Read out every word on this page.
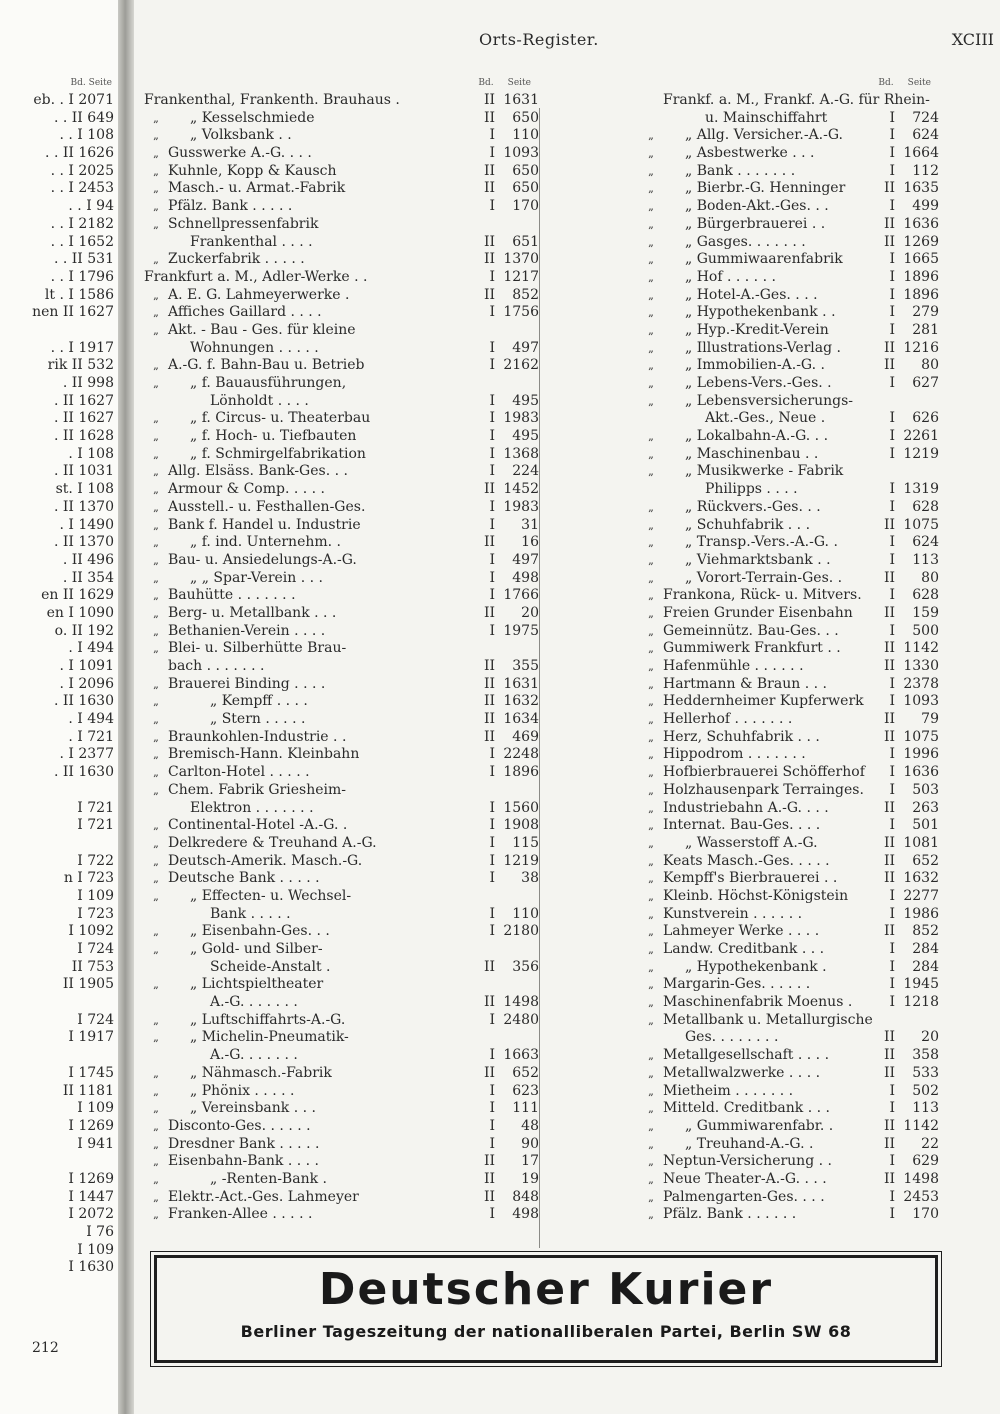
Bd. Seite
eb. . I 2071
. . II 649
. . I 108
. . II 1626
. . I 2025
. . I 2453
. . I 94
. . I 2182
. . I 1652
. . II 531
. . I 1796
lt . I 1586
nen II 1627
. . I 1917
rik II 532
. II 998
. II 1627
. II 1627
. II 1628
. I 108
. II 1031
st. I 108
. II 1370
. I 1490
. II 1370
. II 496
. II 354
en II 1629
en I 1090
o. II 192
. I 494
. I 1091
. I 2096
. II 1630
. I 494
. I 721
. I 2377
. II 1630
I 721
I 721
I 722
n I 723
I 109
I 723
I 1092
I 724
II 753
II 1905
I 724
I 1917
I 1745
II 1181
I 109
I 1269
I 941
I 1269
I 1447
I 2072
I 76
I 109
I 1630
212
Orts-Register.	XCIII
Bd. Seite
Frankenthal, Frankenth. Brauhaus .	II 1631
„	„ Kesselschmiede	II	650
„	„ Volksbank . .	I	110
„ Gusswerke A.-G. . . .	I 1093
„ Kuhnle, Kopp & Kausch	II	650
„ Masch.- u. Armat.-Fabrik	II	650
„ Pfälz. Bank . . . . .	I	170
„ Schnellpressenfabrik
Frankenthal . . . .	II	651
„ Zuckerfabrik . . . . .	II 1370
Frankfurt a. M., Adler-Werke . .	I 1217
„ A. E. G. Lahmeyerwerke .	II	852
„ Affiches Gaillard . . . .	I 1756
„ Akt. - Bau - Ges. für kleine
Wohnungen . . . . .	I	497
„ A.-G. f. Bahn-Bau u. Betrieb	I 2162
„	„ f. Bauausführungen,
Lönholdt . . . .	I	495
„	„ f. Circus- u. Theaterbau	I 1983
„	„ f. Hoch- u. Tiefbauten	I	495
„	„ f. Schmirgelfabrikation	I 1368
„ Allg. Elsäss. Bank-Ges. . .	I	224
„ Armour & Comp. . . . .	II 1452
„ Ausstell.- u. Festhallen-Ges.	I 1983
„ Bank f. Handel u. Industrie	I	31
„	„ f. ind. Unternehm. .	II	16
„ Bau- u. Ansiedelungs-A.-G.	I	497
„	„ „ Spar-Verein . . .	I	498
„ Bauhütte . . . . . . .	I 1766
„ Berg- u. Metallbank . . .	II	20
„ Bethanien-Verein . . . .	I 1975
„ Blei- u. Silberhütte Brau-
bach . . . . . . .	II	355
„ Brauerei Binding . . . .	II 1631
„	„ Kempff . . . .	II 1632
„	„ Stern . . . . .	II 1634
„ Braunkohlen-Industrie . .	II	469
„ Bremisch-Hann. Kleinbahn	I 2248
„ Carlton-Hotel . . . . .	I 1896
„ Chem. Fabrik Griesheim-
Elektron . . . . . . .	I 1560
„ Continental-Hotel -A.-G. .	I 1908
„ Delkredere & Treuhand A.-G.	I	115
„ Deutsch-Amerik. Masch.-G.	I 1219
„ Deutsche Bank . . . . .	I	38
„	„ Effecten- u. Wechsel-
Bank . . . . .	I	110
„	„ Eisenbahn-Ges. . .	I 2180
„	„ Gold- und Silber-
Scheide-Anstalt .	II	356
„	„ Lichtspieltheater
A.-G. . . . . . .	II 1498
„	„ Luftschiffahrts-A.-G.	I 2480
„	„ Michelin-Pneumatik-
A.-G. . . . . . .	I 1663
„	„ Nähmasch.-Fabrik	II	652
„	„ Phönix . . . . .	I	623
„	„ Vereinsbank . . .	I	111
„ Disconto-Ges. . . . . .	I	48
„ Dresdner Bank . . . . .	I	90
„ Eisenbahn-Bank . . . .	II	17
„	„ -Renten-Bank .	II	19
„ Elektr.-Act.-Ges. Lahmeyer	II	848
„ Franken-Allee . . . . .	I	498
Bd. Seite
Frankf. a. M., Frankf. A.-G. für Rhein-
u. Mainschiffahrt	I	724
„	„ Allg. Versicher.-A.-G.	I	624
„	„ Asbestwerke . . .	I 1664
„	„ Bank . . . . . . .	I	112
„	„ Bierbr.-G. Henninger	II 1635
„	„ Boden-Akt.-Ges. . .	I	499
„	„ Bürgerbrauerei . .	II 1636
„	„ Gasges. . . . . . .	II 1269
„	„ Gummiwaarenfabrik	I 1665
„	„ Hof . . . . . .	I 1896
„	„ Hotel-A.-Ges. . . .	I 1896
„	„ Hypothekenbank . .	I	279
„	„ Hyp.-Kredit-Verein	I	281
„	„ Illustrations-Verlag .	II 1216
„	„ Immobilien-A.-G. .	II	80
„	„ Lebens-Vers.-Ges. .	I	627
„	„ Lebensversicherungs-
Akt.-Ges., Neue .	I	626
„	„ Lokalbahn-A.-G. . .	I 2261
„	„ Maschinenbau . .	I 1219
„	„ Musikwerke - Fabrik
Philipps . . . .	I 1319
„	„ Rückvers.-Ges. . .	I	628
„	„ Schuhfabrik . . .	II 1075
„	„ Transp.-Vers.-A.-G. .	I	624
„	„ Viehmarktsbank . .	I	113
„	„ Vorort-Terrain-Ges. .	II	80
„ Frankona, Rück- u. Mitvers.	I	628
„ Freien Grunder Eisenbahn	II	159
„ Gemeinnütz. Bau-Ges. . .	I	500
„ Gummiwerk Frankfurt . .	II 1142
„ Hafenmühle . . . . . .	II 1330
„ Hartmann & Braun . . .	I 2378
„ Heddernheimer Kupferwerk	I 1093
„ Hellerhof . . . . . . .	II	79
„ Herz, Schuhfabrik . . .	II 1075
„ Hippodrom . . . . . . .	I 1996
„ Hofbierbrauerei Schöfferhof	I 1636
„ Holzhausenpark Terrainges.	I	503
„ Industriebahn A.-G. . . .	II	263
„ Internat. Bau-Ges. . . .	I	501
„	„ Wasserstoff A.-G.	II 1081
„ Keats Masch.-Ges. . . . .	II	652
„ Kempff's Bierbrauerei . .	II 1632
„ Kleinb. Höchst-Königstein	I 2277
„ Kunstverein . . . . . .	I 1986
„ Lahmeyer Werke . . . .	II	852
„ Landw. Creditbank . . .	I	284
„	„ Hypothekenbank .	I	284
„ Margarin-Ges. . . . . .	I 1945
„ Maschinenfabrik Moenus .	I 1218
„ Metallbank u. Metallurgische
Ges. . . . . . . .	II	20
„ Metallgesellschaft . . . .	II	358
„ Metallwalzwerke . . . .	II	533
„ Mietheim . . . . . . .	I	502
„ Mitteld. Creditbank . . .	I	113
„	„ Gummiwarenfabr. .	II 1142
„	„ Treuhand-A.-G. .	II	22
„ Neptun-Versicherung . .	I	629
„ Neue Theater-A.-G. . . .	II 1498
„ Palmengarten-Ges. . . .	I 2453
„ Pfälz. Bank . . . . . .	I	170
Deutscher Kurier
Berliner Tageszeitung der nationalliberalen Partei, Berlin SW 68
